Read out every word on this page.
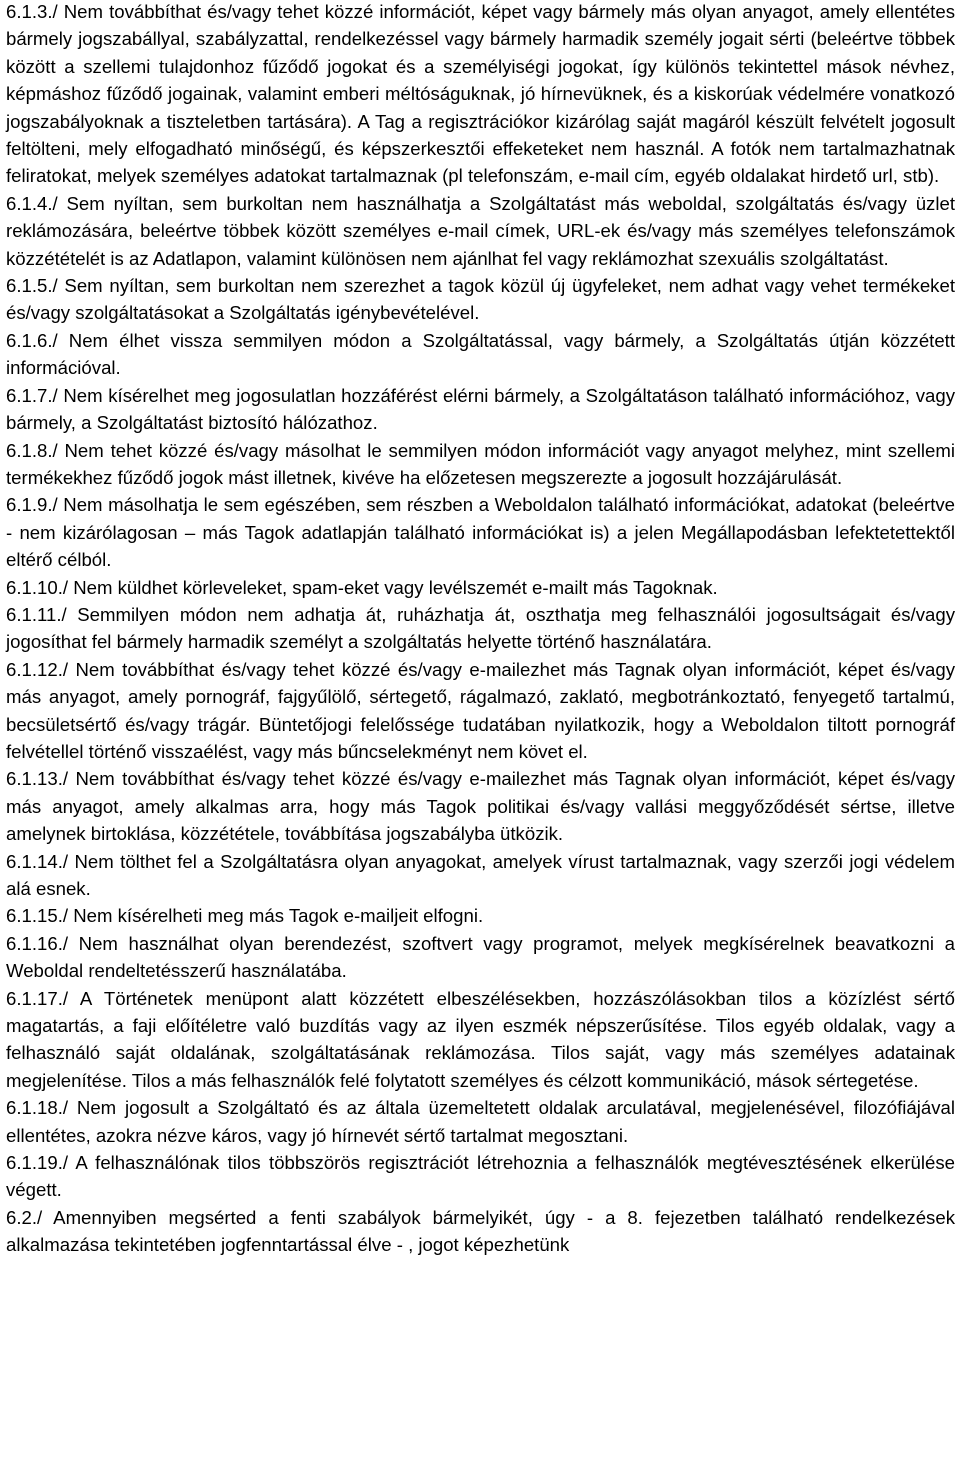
6.1.3./ Nem továbbíthat és/vagy tehet közzé információt, képet vagy bármely más olyan anyagot, amely ellentétes bármely jogszabállyal, szabályzattal, rendelkezéssel vagy bármely harmadik személy jogait sérti (beleértve többek között a szellemi tulajdonhoz fűződő jogokat és a személyiségi jogokat, így különös tekintettel mások névhez, képmáshoz fűződő jogainak, valamint emberi méltóságuknak, jó hírnevüknek, és a kiskorúak védelmére vonatkozó jogszabályoknak a tiszteletben tartására). A Tag a regisztrációkor kizárólag saját magáról készült felvételt jogosult feltölteni, mely elfogadható minőségű, és képszerkesztői effeketeket nem használ. A fotók nem tartalmazhatnak feliratokat, melyek személyes adatokat tartalmaznak (pl telefonszám, e-mail cím, egyéb oldalakat hirdető url, stb).

6.1.4./ Sem nyíltan, sem burkoltan nem használhatja a Szolgáltatást más weboldal, szolgáltatás és/vagy üzlet reklámozására, beleértve többek között személyes e-mail címek, URL-ek és/vagy más személyes telefonszámok közzétételét is az Adatlapon, valamint különösen nem ajánlhat fel vagy reklámozhat szexuális szolgáltatást.

6.1.5./ Sem nyíltan, sem burkoltan nem szerezhet a tagok közül új ügyfeleket, nem adhat vagy vehet termékeket és/vagy szolgáltatásokat a Szolgáltatás igénybevételével.

6.1.6./ Nem élhet vissza semmilyen módon a Szolgáltatással, vagy bármely, a Szolgáltatás útján közzétett információval.

6.1.7./ Nem kísérelhet meg jogosulatlan hozzáférést elérni bármely, a Szolgáltatáson található információhoz, vagy bármely, a Szolgáltatást biztosító hálózathoz.

6.1.8./ Nem tehet közzé és/vagy másolhat le semmilyen módon információt vagy anyagot melyhez, mint szellemi termékekhez fűződő jogok mást illetnek, kivéve ha előzetesen megszerezte a jogosult hozzájárulását.

6.1.9./ Nem másolhatja le sem egészében, sem részben a Weboldalon található információkat, adatokat (beleértve - nem kizárólagosan – más Tagok adatlapján található információkat is) a jelen Megállapodásban lefektetettektől eltérő célból.

6.1.10./ Nem küldhet körleveleket, spam-eket vagy levélszemét e-mailt más Tagoknak.

6.1.11./ Semmilyen módon nem adhatja át, ruházhatja át, oszthatja meg felhasználói jogosultságait és/vagy jogosíthat fel bármely harmadik személyt a szolgáltatás helyette történő használatára.

6.1.12./ Nem továbbíthat és/vagy tehet közzé és/vagy e-mailezhet más Tagnak olyan információt, képet és/vagy más anyagot, amely pornográf, fajgyűlölő, sértegető, rágalmazó, zaklató, megbotránkoztató, fenyegető tartalmú, becsületsértő és/vagy trágár. Büntetőjogi felelőssége tudatában nyilatkozik, hogy a Weboldalon tiltott pornográf felvétellel történő visszaélést, vagy más bűncselekményt nem követ el.

6.1.13./ Nem továbbíthat és/vagy tehet közzé és/vagy e-mailezhet más Tagnak olyan információt, képet és/vagy más anyagot, amely alkalmas arra, hogy más Tagok politikai és/vagy vallási meggyőződését sértse, illetve amelynek birtoklása, közzététele, továbbítása jogszabályba ütközik.

6.1.14./ Nem tölthet fel a Szolgáltatásra olyan anyagokat, amelyek vírust tartalmaznak, vagy szerzői jogi védelem alá esnek.

6.1.15./ Nem kísérelheti meg más Tagok e-mailjeit elfogni.

6.1.16./ Nem használhat olyan berendezést, szoftvert vagy programot, melyek megkísérelnek beavatkozni a Weboldal rendeltetésszerű használatába.

6.1.17./ A Történetek menüpont alatt közzétett elbeszélésekben, hozzászólásokban tilos a közízlést sértő magatartás, a faji előítéletre való buzdítás vagy az ilyen eszmék népszerűsítése. Tilos egyéb oldalak, vagy a felhasználó saját oldalának, szolgáltatásának reklámozása. Tilos saját, vagy más személyes adatainak megjelenítése. Tilos a más felhasználók felé folytatott személyes és célzott kommunikáció, mások sértegetése.

6.1.18./ Nem jogosult a Szolgáltató és az általa üzemeltetett oldalak arculatával, megjelenésével, filozófiájával ellentétes, azokra nézve káros, vagy jó hírnevét sértő tartalmat megosztani.

6.1.19./ A felhasználónak tilos többszörös regisztrációt létrehoznia a felhasználók megtévesztésének elkerülése végett.

6.2./ Amennyiben megsérted a fenti szabályok bármelyikét, úgy - a 8. fejezetben található rendelkezések alkalmazása tekintetében jogfenntartással élve - , jogot képezhetünk
